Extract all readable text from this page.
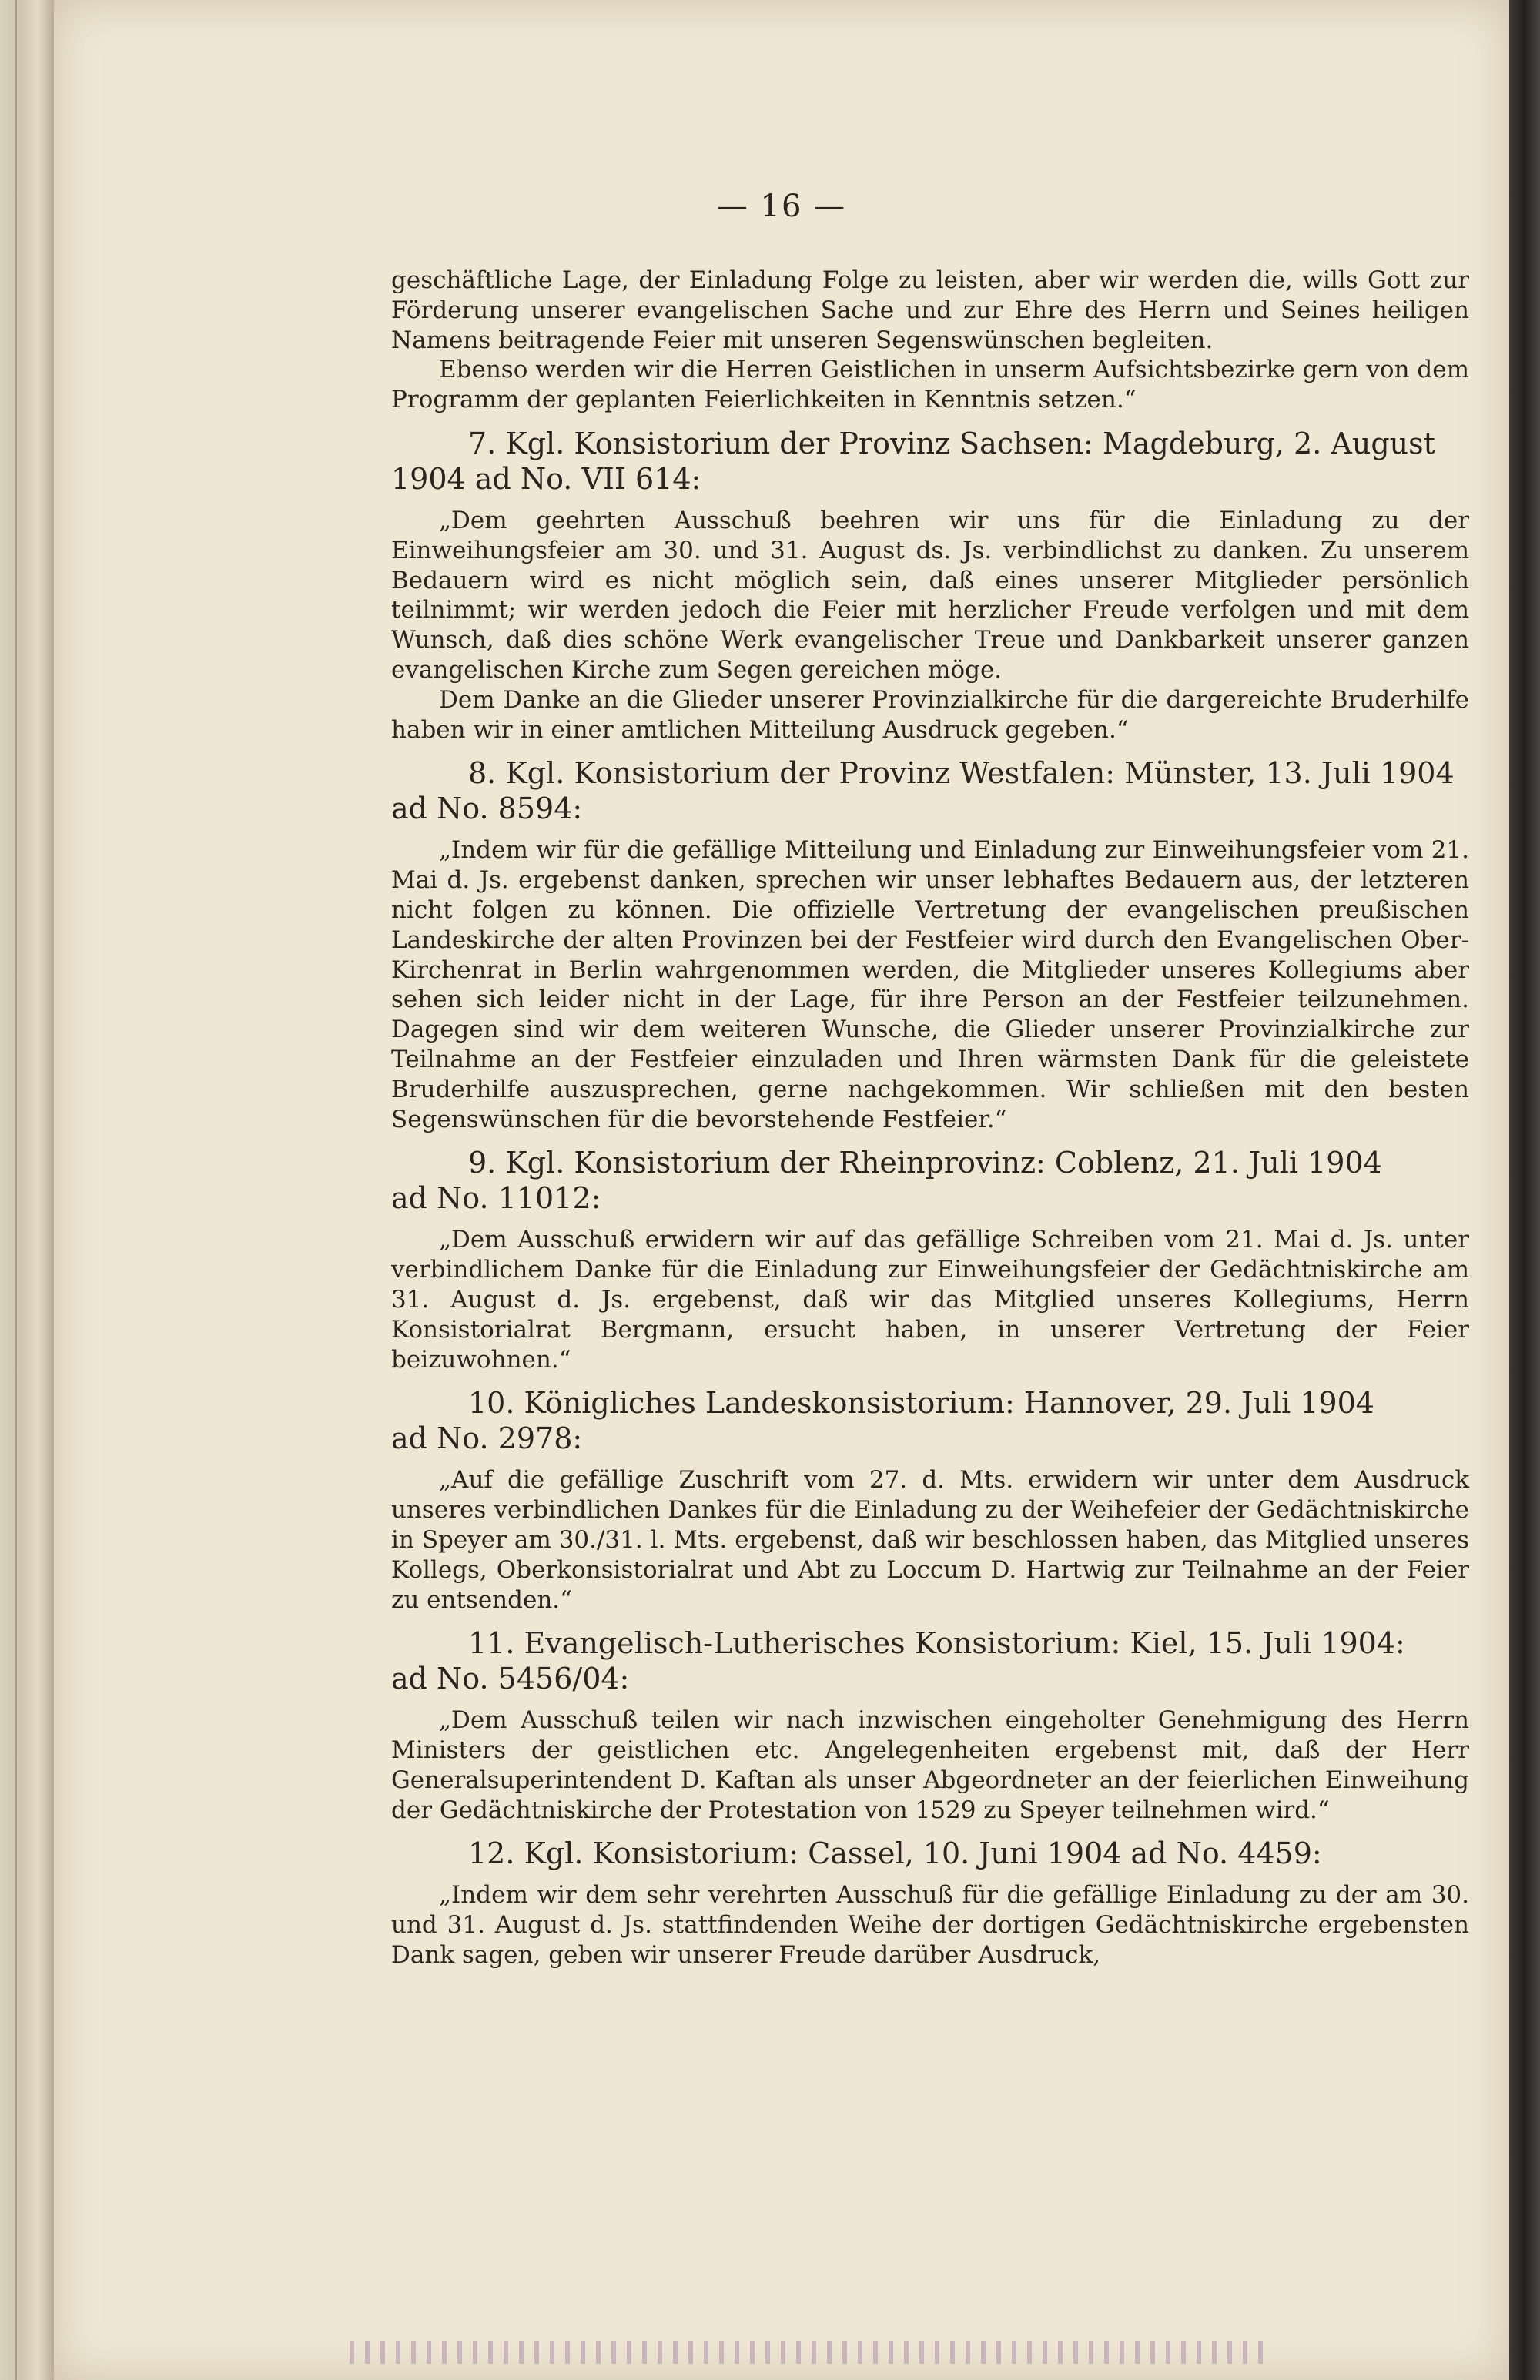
— 16 —

geschäftliche Lage, der Einladung Folge zu leisten, aber wir werden die, wills Gott zur Förderung unserer evangelischen Sache und zur Ehre des Herrn und Seines heiligen Namens beitragende Feier mit unseren Segenswünschen begleiten.

Ebenso werden wir die Herren Geistlichen in unserm Aufsichtsbezirke gern von dem Programm der geplanten Feierlichkeiten in Kenntnis setzen.“

7. Kgl. Konsistorium der Provinz Sachsen: Magdeburg, 2. August
1904 ad No. VII 614:

„Dem geehrten Ausschuß beehren wir uns für die Einladung zu der Einweihungsfeier am 30. und 31. August ds. Js. verbindlichst zu danken. Zu unserem Bedauern wird es nicht möglich sein, daß eines unserer Mitglieder persönlich teilnimmt; wir werden jedoch die Feier mit herzlicher Freude verfolgen und mit dem Wunsch, daß dies schöne Werk evangelischer Treue und Dankbarkeit unserer ganzen evangelischen Kirche zum Segen gereichen möge.

Dem Danke an die Glieder unserer Provinzialkirche für die dargereichte Bruderhilfe haben wir in einer amtlichen Mitteilung Ausdruck gegeben.“

8. Kgl. Konsistorium der Provinz Westfalen: Münster, 13. Juli 1904
ad No. 8594:

„Indem wir für die gefällige Mitteilung und Einladung zur Einweihungsfeier vom 21. Mai d. Js. ergebenst danken, sprechen wir unser lebhaftes Bedauern aus, der letzteren nicht folgen zu können. Die offizielle Vertretung der evangelischen preußischen Landeskirche der alten Provinzen bei der Festfeier wird durch den Evangelischen Ober-Kirchenrat in Berlin wahrgenommen werden, die Mitglieder unseres Kollegiums aber sehen sich leider nicht in der Lage, für ihre Person an der Festfeier teilzunehmen. Dagegen sind wir dem weiteren Wunsche, die Glieder unserer Provinzialkirche zur Teilnahme an der Festfeier einzuladen und Ihren wärmsten Dank für die geleistete Bruderhilfe auszusprechen, gerne nachgekommen. Wir schließen mit den besten Segenswünschen für die bevorstehende Festfeier.“

9. Kgl. Konsistorium der Rheinprovinz: Coblenz, 21. Juli 1904
ad No. 11012:

„Dem Ausschuß erwidern wir auf das gefällige Schreiben vom 21. Mai d. Js. unter verbindlichem Danke für die Einladung zur Einweihungsfeier der Gedächtniskirche am 31. August d. Js. ergebenst, daß wir das Mitglied unseres Kollegiums, Herrn Konsistorialrat Bergmann, ersucht haben, in unserer Vertretung der Feier beizuwohnen.“

10. Königliches Landeskonsistorium: Hannover, 29. Juli 1904
ad No. 2978:

„Auf die gefällige Zuschrift vom 27. d. Mts. erwidern wir unter dem Ausdruck unseres verbindlichen Dankes für die Einladung zu der Weihefeier der Gedächtniskirche in Speyer am 30./31. l. Mts. ergebenst, daß wir beschlossen haben, das Mitglied unseres Kollegs, Oberkonsistorialrat und Abt zu Loccum D. Hartwig zur Teilnahme an der Feier zu entsenden.“

11. Evangelisch-Lutherisches Konsistorium: Kiel, 15. Juli 1904:
ad No. 5456/04:

„Dem Ausschuß teilen wir nach inzwischen eingeholter Genehmigung des Herrn Ministers der geistlichen etc. Angelegenheiten ergebenst mit, daß der Herr Generalsuperintendent D. Kaftan als unser Abgeordneter an der feierlichen Einweihung der Gedächtniskirche der Protestation von 1529 zu Speyer teilnehmen wird.“

12. Kgl. Konsistorium: Cassel, 10. Juni 1904 ad No. 4459:

„Indem wir dem sehr verehrten Ausschuß für die gefällige Einladung zu der am 30. und 31. August d. Js. stattfindenden Weihe der dortigen Gedächtniskirche ergebensten Dank sagen, geben wir unserer Freude darüber Ausdruck,
